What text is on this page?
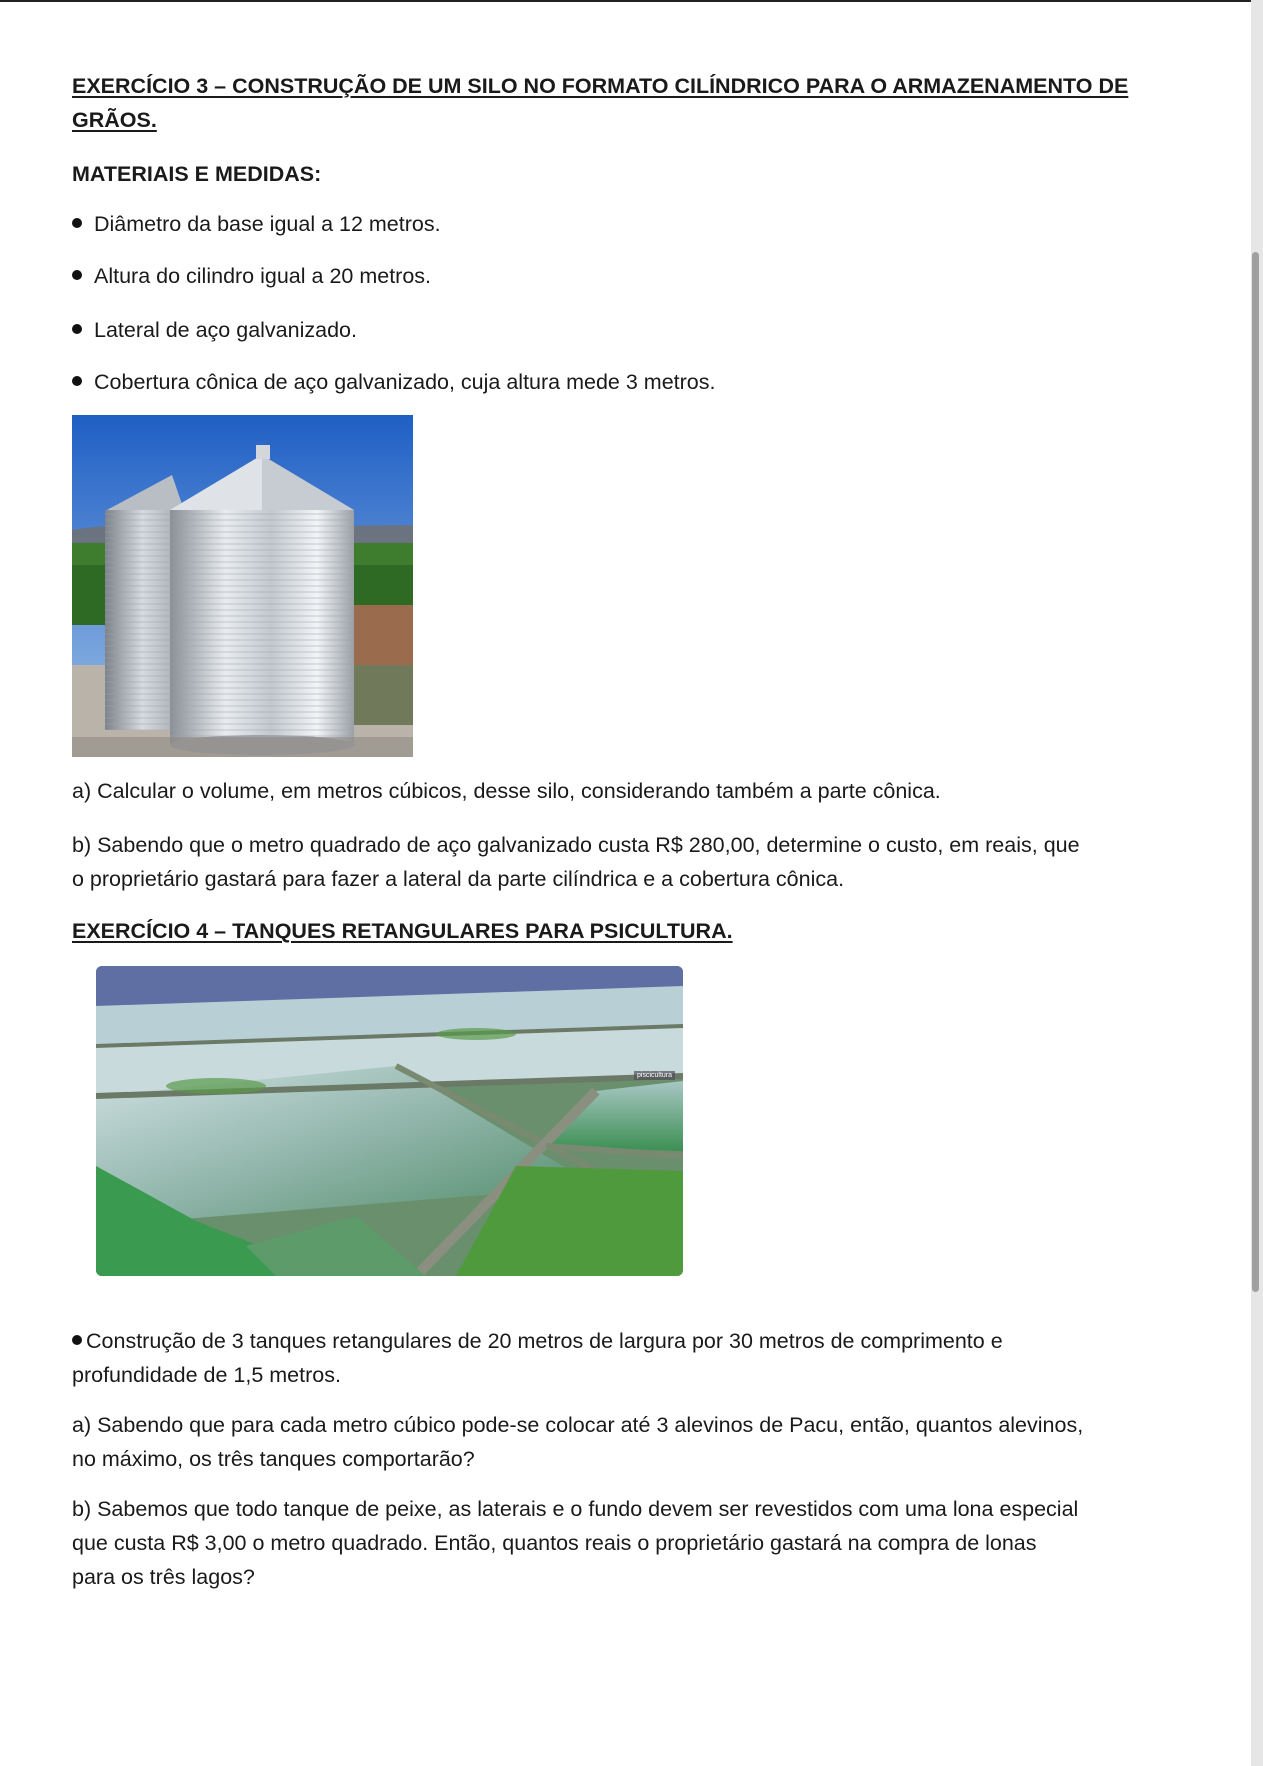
EXERCÍCIO 3 – CONSTRUÇÃO DE UM SILO NO FORMATO CILÍNDRICO PARA O ARMAZENAMENTO DE
GRÃOS.
MATERIAIS E MEDIDAS:
Diâmetro da base igual a 12 metros.
Altura do cilindro igual a 20 metros.
Lateral de aço galvanizado.
Cobertura cônica de aço galvanizado, cuja altura mede 3 metros.
a) Calcular o volume, em metros cúbicos, desse silo, considerando também a parte cônica.
b) Sabendo que o metro quadrado de aço galvanizado custa R$ 280,00, determine o custo, em reais, que
o proprietário gastará para fazer a lateral da parte cilíndrica e a cobertura cônica.
EXERCÍCIO 4 – TANQUES RETANGULARES PARA PSICULTURA.
piscicultura
Construção de 3 tanques retangulares de 20 metros de largura por 30 metros de comprimento e
profundidade de 1,5 metros.
a) Sabendo que para cada metro cúbico pode-se colocar até 3 alevinos de Pacu, então, quantos alevinos,
no máximo, os três tanques comportarão?
b) Sabemos que todo tanque de peixe, as laterais e o fundo devem ser revestidos com uma lona especial
que custa R$ 3,00 o metro quadrado. Então, quantos reais o proprietário gastará na compra de lonas
para os três lagos?
